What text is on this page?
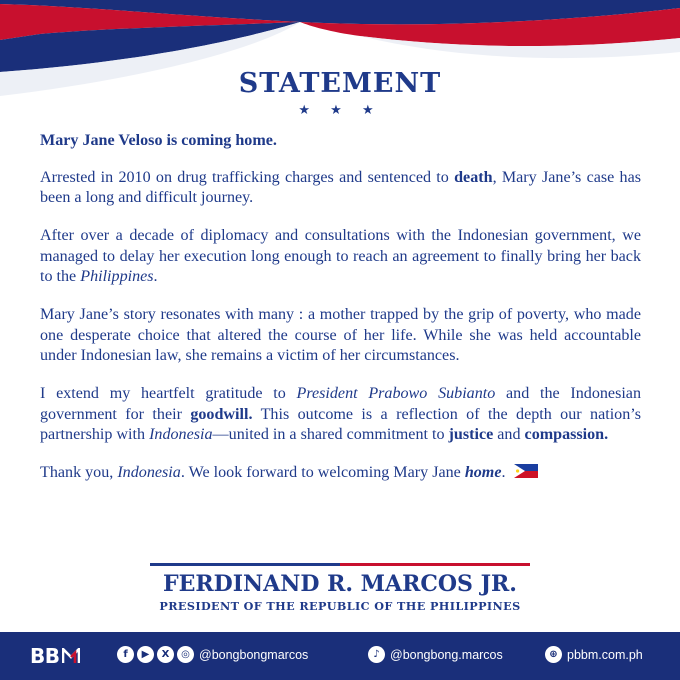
STATEMENT
★ ★ ★

Mary Jane Veloso is coming home.

Arrested in 2010 on drug trafficking charges and sentenced to death, Mary Jane’s case has been a long and difficult journey.

After over a decade of diplomacy and consultations with the Indonesian government, we managed to delay her execution long enough to reach an agreement to finally bring her back to the Philippines.

Mary Jane’s story resonates with many : a mother trapped by the grip of poverty, who made one desperate choice that altered the course of her life. While she was held accountable under Indonesian law, she remains a victim of her circumstances.

I extend my heartfelt gratitude to President Prabowo Subianto and the Indonesian government for their goodwill. This outcome is a reflection of the depth our nation’s partnership with Indonesia—united in a shared commitment to justice and compassion.

Thank you, Indonesia. We look forward to welcoming Mary Jane home.

FERDINAND R. MARCOS JR.
PRESIDENT OF THE REPUBLIC OF THE PHILIPPINES
BB	f	▶	X	◎ @bongbongmarcos	♪ @bongbong.marcos	⊕ pbbm.com.ph
